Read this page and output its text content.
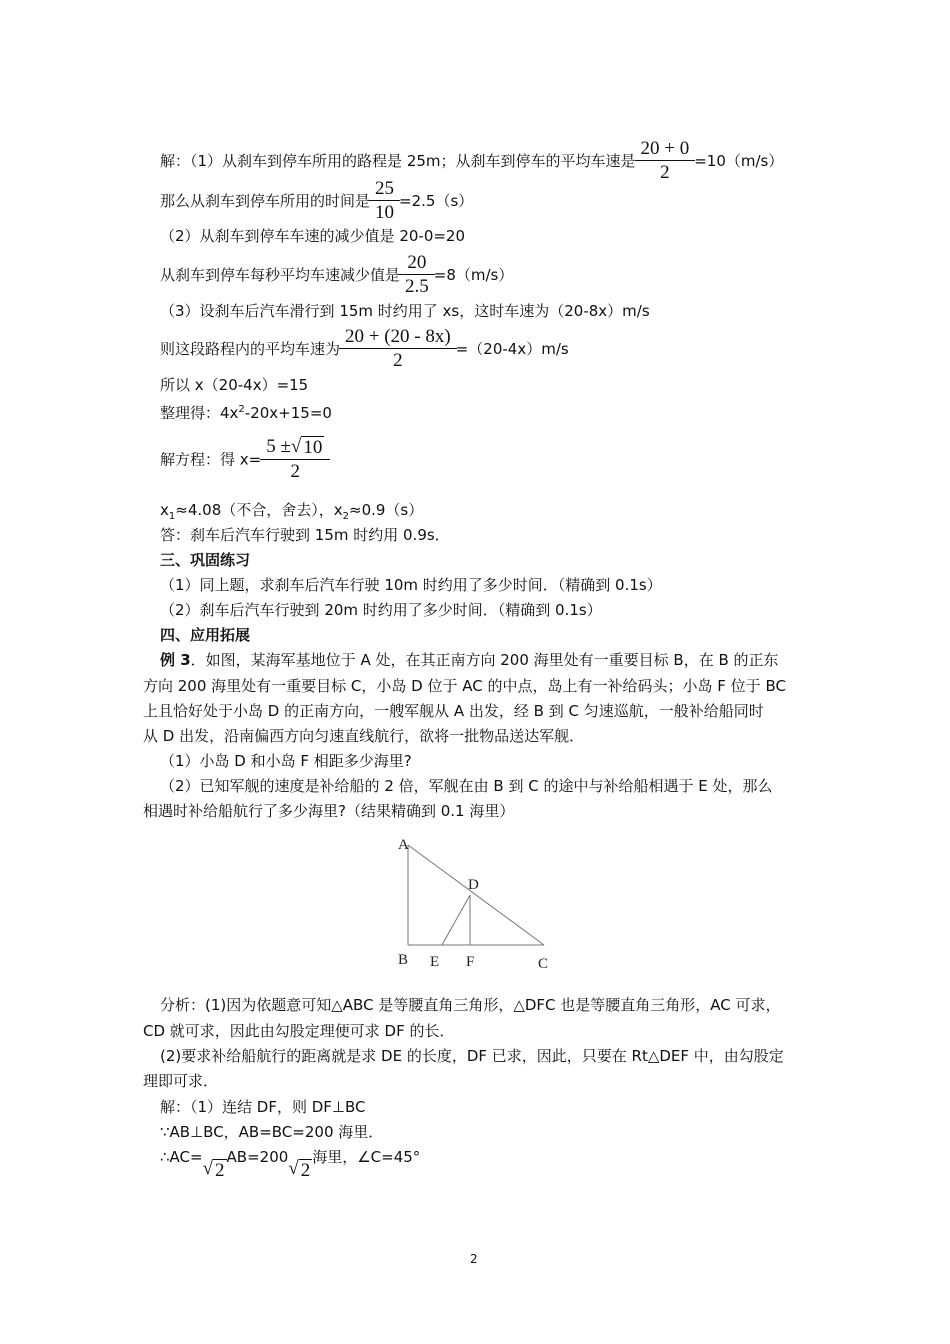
解：（1）从刹车到停车所用的路程是 25m；从刹车到停车的平均车速是 $\frac{20 + 0}{2} =10(m/s)$
那么从刹车到停车所用的时间是 $\frac{25}{10} =2.5(s)$
（2）从刹车到停车车速的减少值是 20-0=20
从刹车到停车每秒平均车速减少值是 $\frac{20}{2.5} =8(m/s)$
（3）设刹车后汽车滑行到 15m 时约用了 xs，这时车速为（20-8x）m/s
则这段路程内的平均车速为 $\frac{20 + (20 - 8x)}{2} =(20-4x)m/s$
所以 x（20-4x）=15
整理得：$4x^2-20x+15=0$
解方程：得 $x= \frac{5 \pm√ 10}{2}$
$x_1\approx 4.08$（不合，舍去），$x_2\approx 0.9(s)$
答：刹车后汽车行驶到 15m 时约用 0.9s．
三、巩固练习
（1）同上题，求刹车后汽车行驶 10m 时约用了多少时间．（精确到 0.1s）
（2）刹车后汽车行驶到 20m 时约用了多少时间．（精确到 0.1s）
四、应用拓展
例 3．如图，某海军基地位于 A 处，在其正南方向 200 海里处有一重要目标 B，在 B 的正东
方向 200 海里处有一重要目标 C，小岛 D 位于 AC 的中点，岛上有一补给码头；小岛 F 位于 BC
上且恰好处于小岛 D 的正南方向，一艘军舰从 A 出发，经 B 到 C 匀速巡航，一般补给船同时
从 D 出发，沿南偏西方向匀速直线航行，欲将一批物品送达军舰．
（1）小岛 D 和小岛 F 相距多少海里?
（2）已知军舰的速度是补给船的 2 倍，军舰在由 B 到 C 的途中与补给船相遇于 E 处，那么
相遇时补给船航行了多少海里?（结果精确到 0.1 海里）
A
D
B E F	C
分析：(1)因为依题意可知△ABC 是等腰直角三角形，△DFC 也是等腰直角三角形，AC 可求，
CD 就可求，因此由勾股定理便可求 DF 的长．
(2)要求补给船航行的距离就是求 DE 的长度，DF 已求，因此，只要在 Rt△DEF 中，由勾股定
理即可求．
解：（1）连结 DF，则 DF⊥BC
∵AB⊥BC，AB=BC=200 海里．
∴AC=√ 2
AB=200√ 2
海里，∠C=45°
2
